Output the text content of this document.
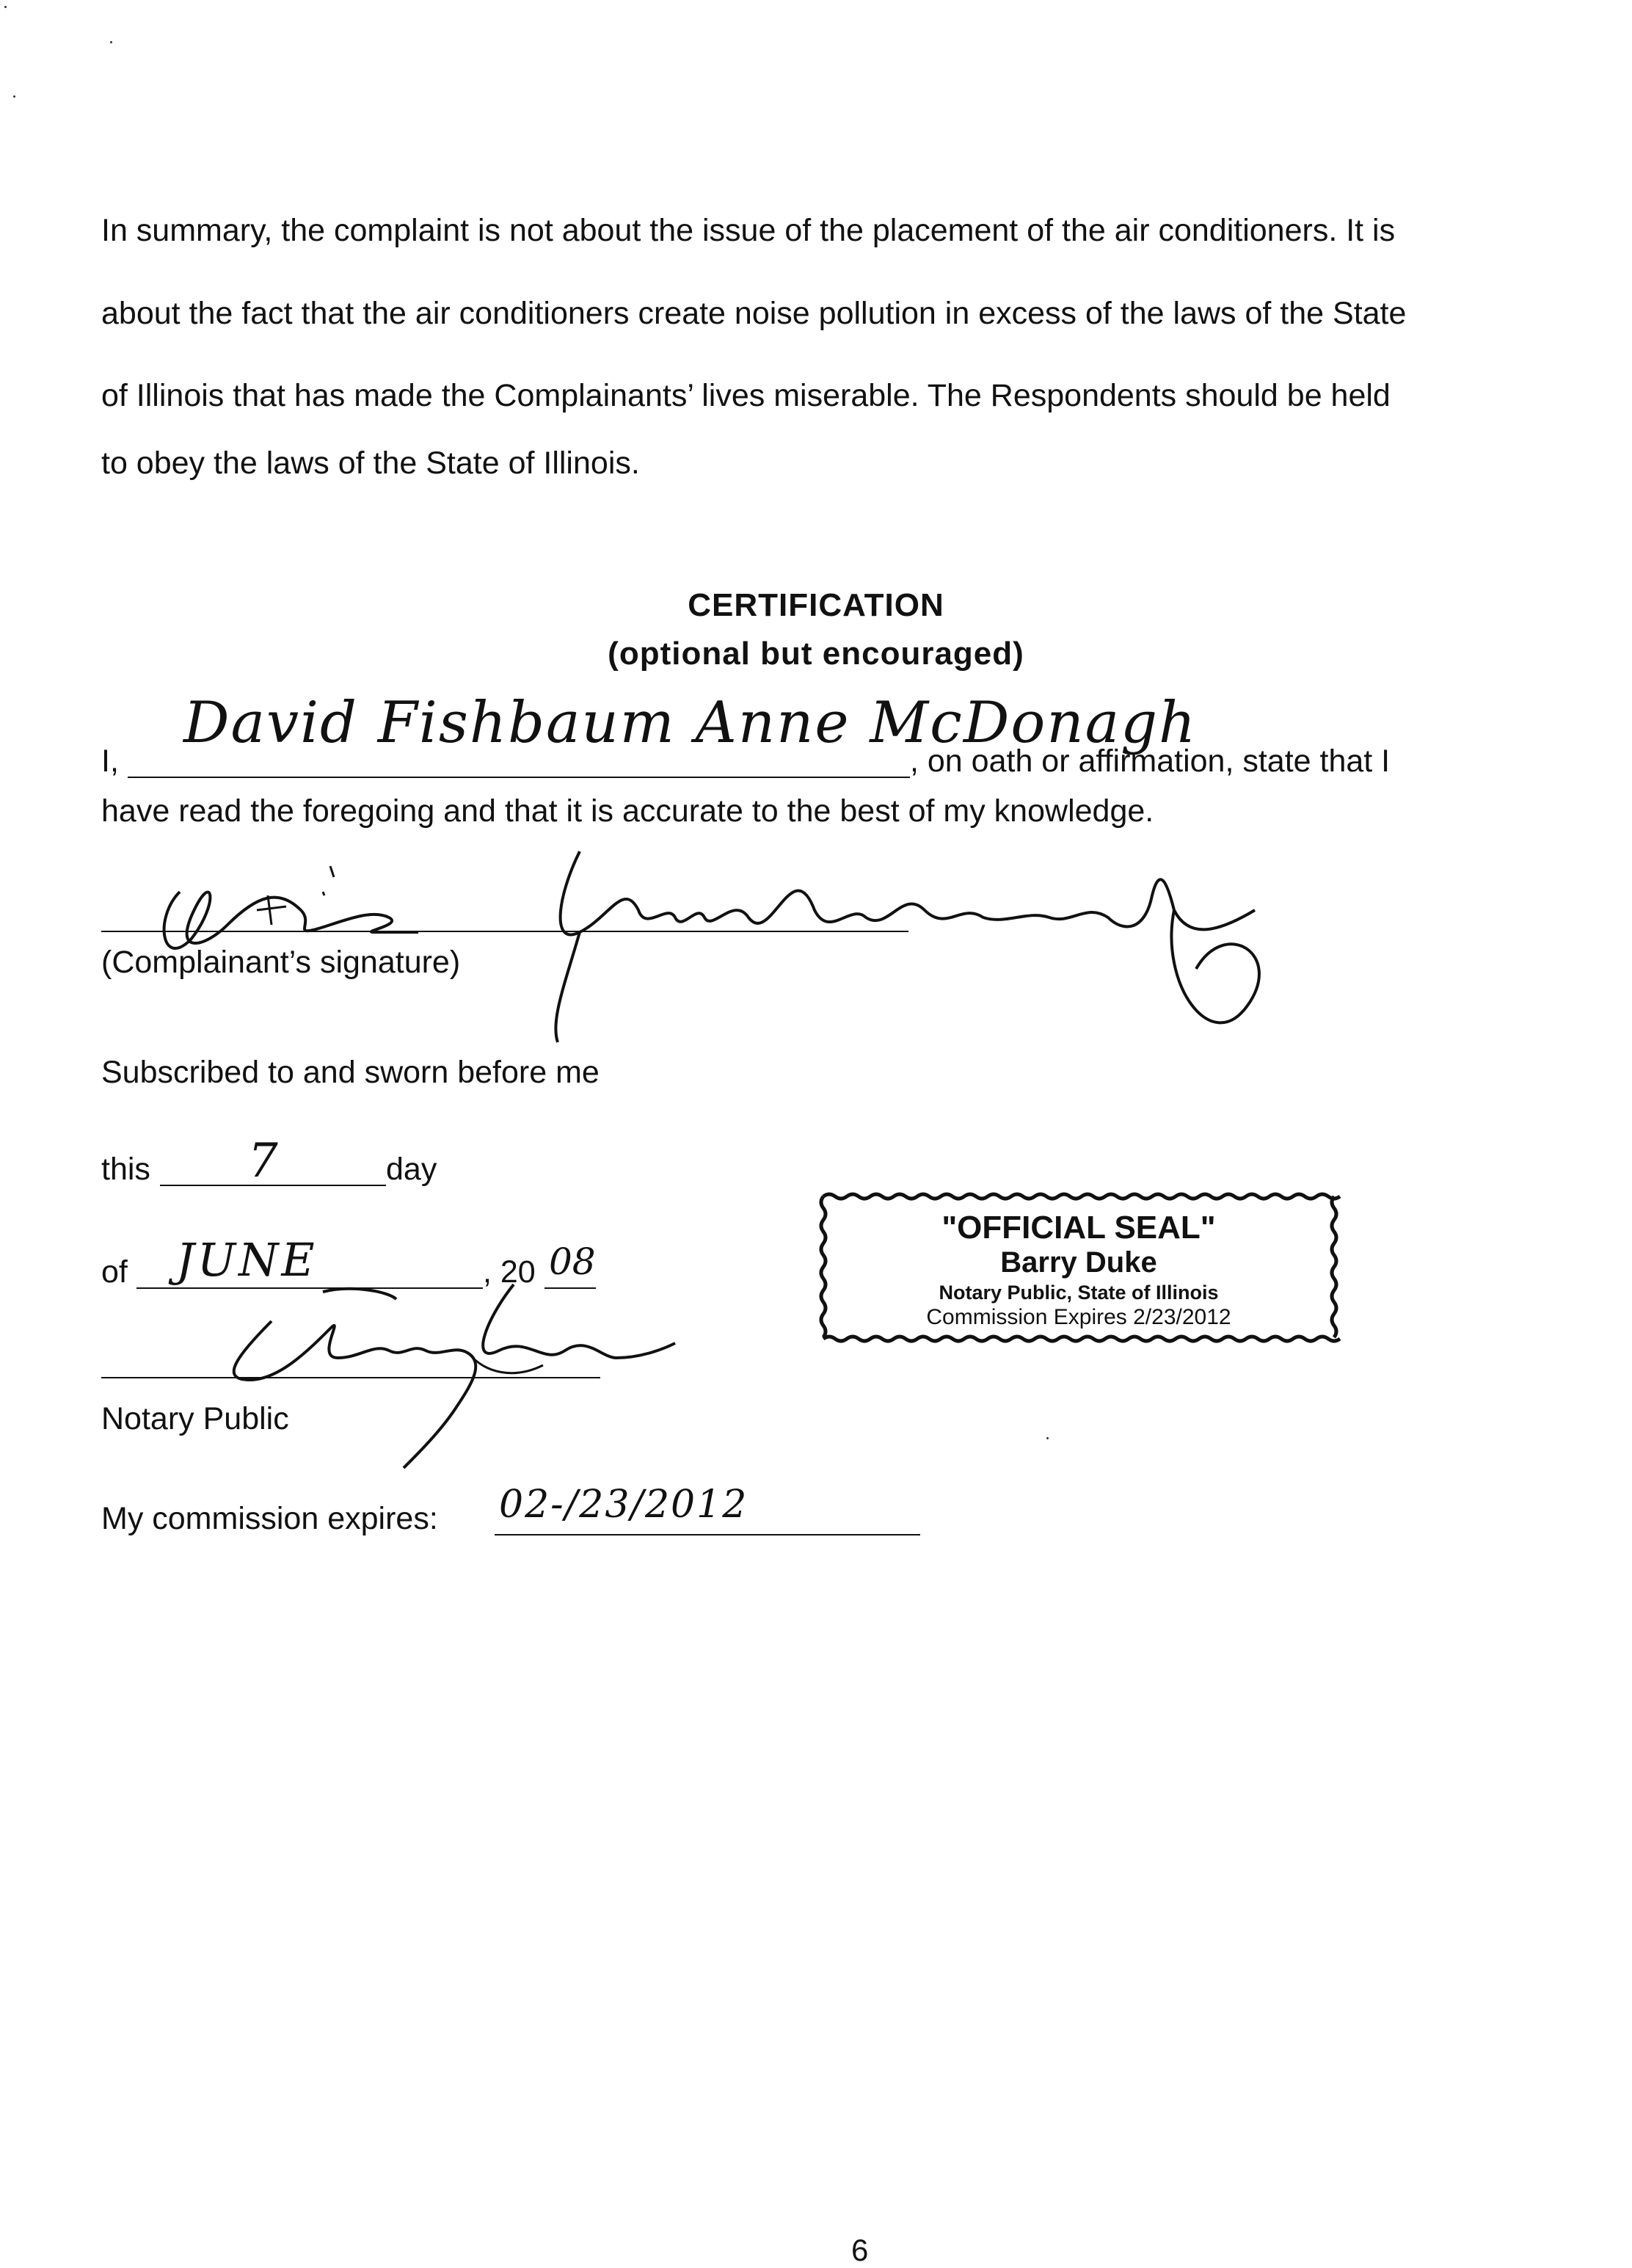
In summary, the complaint is not about the issue of the placement of the air conditioners. It is
about the fact that the air conditioners create noise pollution in excess of the laws of the State
of Illinois that has made the Complainants’ lives miserable. The Respondents should be held
to obey the laws of the State of Illinois.
CERTIFICATION
(optional but encouraged)
I,
David Fishbaum Anne McDonagh
, on oath or affirmation, state that I
have read the foregoing and that it is accurate to the best of my knowledge.
(Complainant’s signature)
Subscribed to and sworn before me
this 7	day
of JUNE	, 20 08
Notary Public
My commission expires: 02-/23/2012
"OFFICIAL SEAL"
Barry Duke
Notary Public, State of Illinois
Commission Expires 2/23/2012
6
